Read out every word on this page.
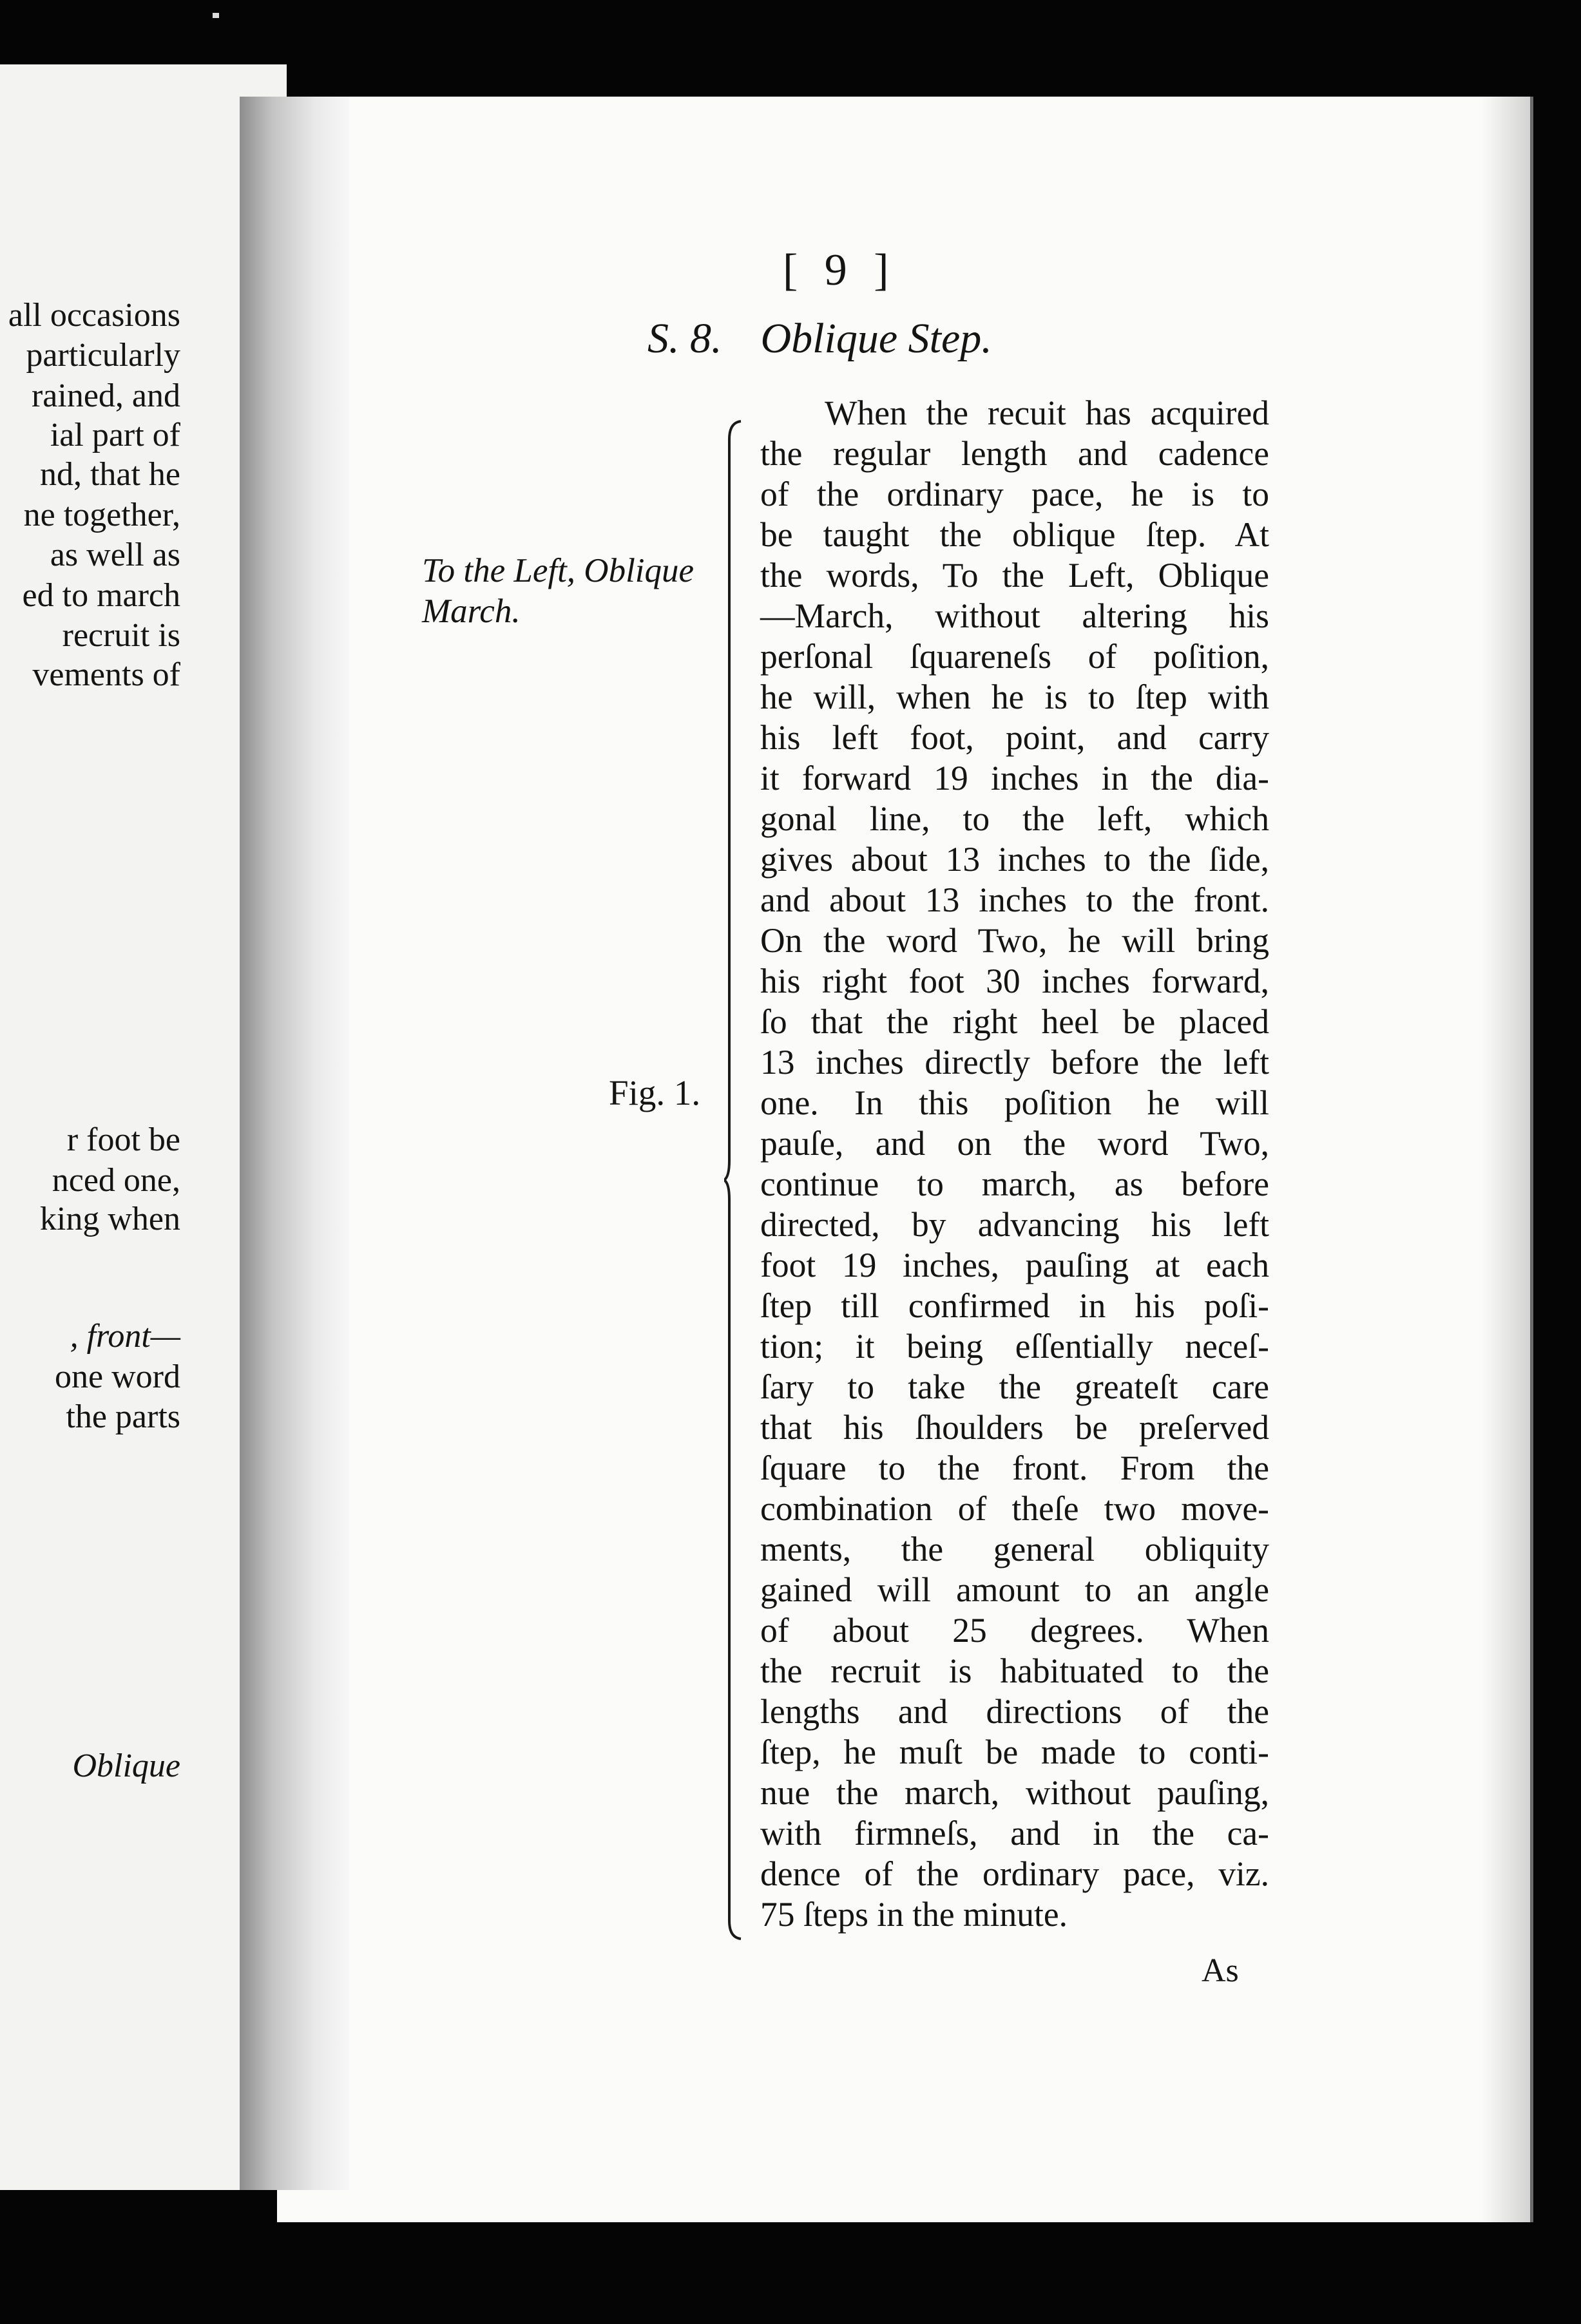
all occasions
particularly
rained, and
ial part of
nd, that he
ne together,
as well as
ed to march
recruit is
vements of
r foot be
nced one,
king when
, front—
one word
the parts
Oblique
[ 9 ]
S. 8. Oblique Step.
To the Left, Oblique
March.
Fig. 1.
When the recuit has acquired
the regular length and cadence
of the ordinary pace, he is to
be taught the oblique ſtep. At
the words, To the Left, Oblique
—March, without altering his
perſonal ſquareneſs of poſition,
he will, when he is to ſtep with
his left foot, point, and carry
it forward 19 inches in the dia-
gonal line, to the left, which
gives about 13 inches to the ſide,
and about 13 inches to the front.
On the word Two, he will bring
his right foot 30 inches forward,
ſo that the right heel be placed
13 inches directly before the left
one. In this poſition he will
pauſe, and on the word Two,
continue to march, as before
directed, by advancing his left
foot 19 inches, pauſing at each
ſtep till confirmed in his poſi-
tion; it being eſſentially neceſ-
ſary to take the greateſt care
that his ſhoulders be preſerved
ſquare to the front. From the
combination of theſe two move-
ments, the general obliquity
gained will amount to an angle
of about 25 degrees. When
the recruit is habituated to the
lengths and directions of the
ſtep, he muſt be made to conti-
nue the march, without pauſing,
with firmneſs, and in the ca-
dence of the ordinary pace, viz.
75 ſteps in the minute.
As
